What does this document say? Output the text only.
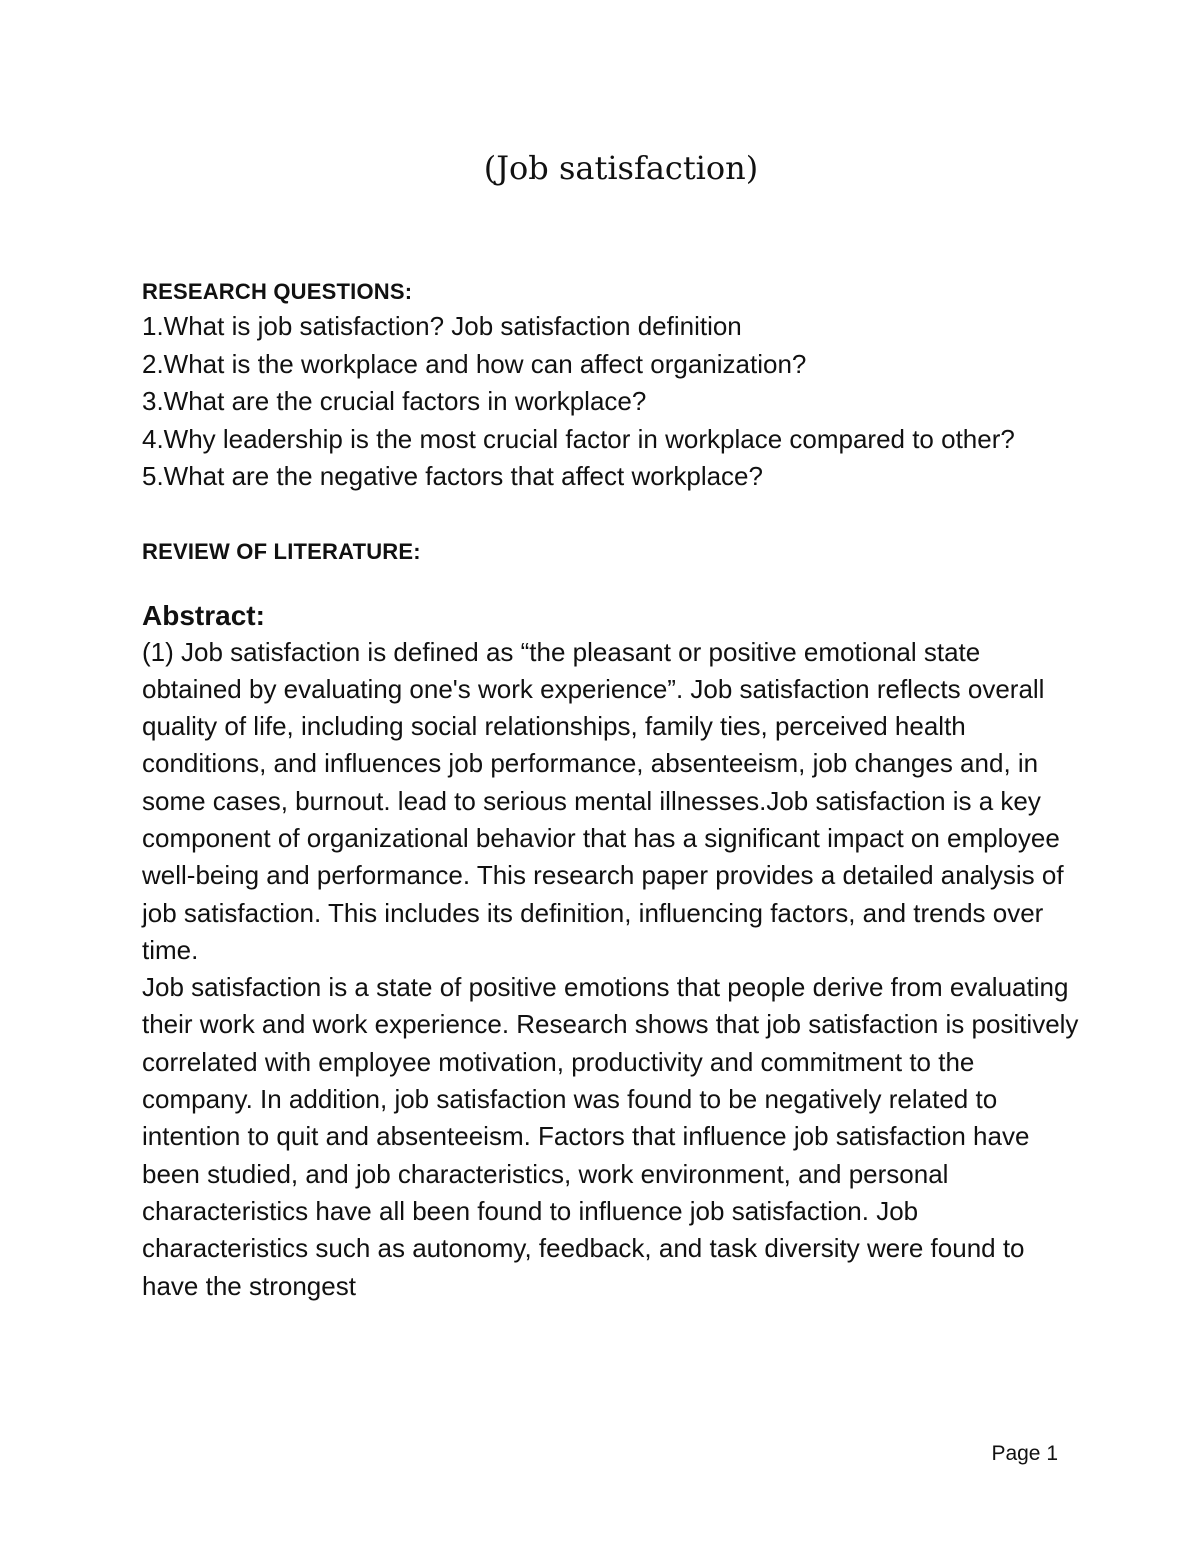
(Job satisfaction)

RESEARCH QUESTIONS:

1.What is job satisfaction? Job satisfaction definition
2.What is the workplace and how can affect organization?
3.What are the crucial factors in workplace?
4.Why leadership is the most crucial factor in workplace compared to other?
5.What are the negative factors that affect workplace?

REVIEW OF LITERATURE:

Abstract:

(1) Job satisfaction is defined as “the pleasant or positive emotional state obtained by evaluating one's work experience”. Job satisfaction reflects overall quality of life, including social relationships, family ties, perceived health conditions, and influences job performance, absenteeism, job changes and, in some cases, burnout. lead to serious mental illnesses.Job satisfaction is a key component of organizational behavior that has a significant impact on employee well-being and performance. This research paper provides a detailed analysis of job satisfaction. This includes its definition, influencing factors, and trends over time.

Job satisfaction is a state of positive emotions that people derive from evaluating their work and work experience. Research shows that job satisfaction is positively correlated with employee motivation, productivity and commitment to the company. In addition, job satisfaction was found to be negatively related to intention to quit and absenteeism. Factors that influence job satisfaction have been studied, and job characteristics, work environment, and personal characteristics have all been found to influence job satisfaction. Job characteristics such as autonomy, feedback, and task diversity were found to have the strongest

Page 1
